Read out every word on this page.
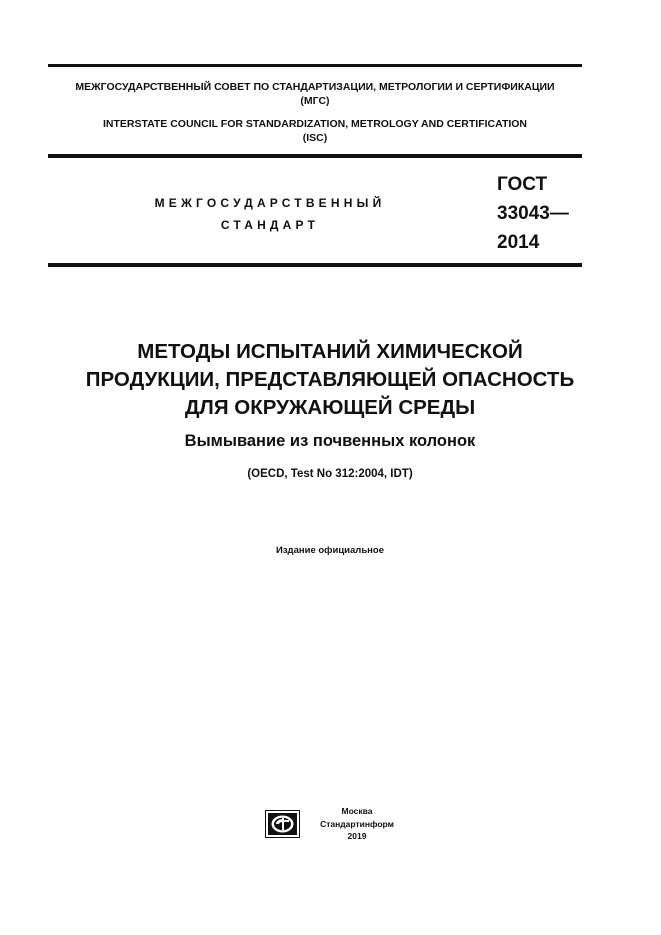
МЕЖГОСУДАРСТВЕННЫЙ СОВЕТ ПО СТАНДАРТИЗАЦИИ, МЕТРОЛОГИИ И СЕРТИФИКАЦИИ
(МГС)
INTERSTATE COUNCIL FOR STANDARDIZATION, METROLOGY AND CERTIFICATION
(ISC)
МЕЖГОСУДАРСТВЕННЫЙ
СТАНДАРТ
ГОСТ
33043—
2014
МЕТОДЫ ИСПЫТАНИЙ ХИМИЧЕСКОЙ
ПРОДУКЦИИ, ПРЕДСТАВЛЯЮЩЕЙ ОПАСНОСТЬ
ДЛЯ ОКРУЖАЮЩЕЙ СРЕДЫ
Вымывание из почвенных колонок
(OECD, Test No 312:2004, IDT)
Издание официальное
Москва
Стандартинформ
2019
